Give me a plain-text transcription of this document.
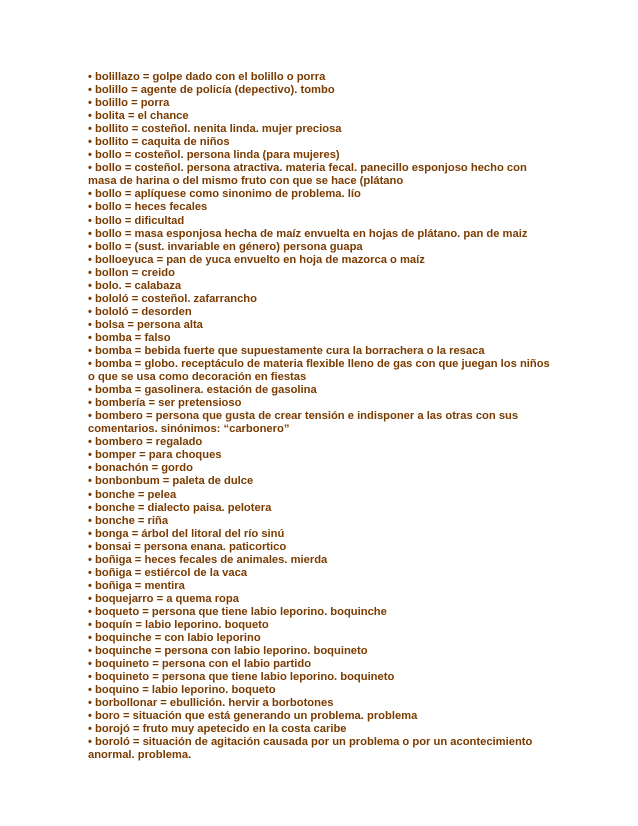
• bolillazo = golpe dado con el bolillo o porra
• bolillo = agente de policía (depectivo). tombo
• bolillo = porra
• bolita = el chance
• bollito = costeñol. nenita linda. mujer preciosa
• bollito = caquita de niños
• bollo = costeñol. persona linda (para mujeres)
• bollo = costeñol. persona atractiva. materia fecal. panecillo esponjoso hecho con masa de harina o del mismo fruto con que se hace (plátano
• bollo = aplíquese como sinonimo de problema. lío
• bollo = heces fecales
• bollo = dificultad
• bollo = masa esponjosa hecha de maíz envuelta en hojas de plátano. pan de maiz
• bollo = (sust. invariable en género) persona guapa
• bolloeyuca = pan de yuca envuelto en hoja de mazorca o maíz
• bollon = creido
• bolo. = calabaza
• bololó = costeñol. zafarrancho
• bololó = desorden
• bolsa = persona alta
• bomba = falso
• bomba = bebida fuerte que supuestamente cura la borrachera o la resaca
• bomba = globo. receptáculo de materia flexible lleno de gas con que juegan los niños o que se usa como decoración en fiestas
• bomba = gasolinera. estación de gasolina
• bombería = ser pretensioso
• bombero = persona que gusta de crear tensión e indisponer a las otras con sus comentarios. sinónimos: “carbonero”
• bombero = regalado
• bomper = para choques
• bonachón = gordo
• bonbonbum = paleta de dulce
• bonche = pelea
• bonche = dialecto paisa. pelotera
• bonche = riña
• bonga = árbol del litoral del río sinú
• bonsai = persona enana. paticortico
• boñiga = heces fecales de animales. mierda
• boñiga = estiércol de la vaca
• boñiga = mentira
• boquejarro = a quema ropa
• boqueto = persona que tiene labio leporino. boquinche
• boquín = labio leporino. boqueto
• boquinche = con labio leporino
• boquinche = persona con labio leporino. boquineto
• boquineto = persona con el labio partido
• boquineto = persona que tiene labio leporino. boquineto
• boquino = labio leporino. boqueto
• borbollonar = ebullición. hervir a borbotones
• boro = situación que está generando un problema. problema
• borojó = fruto muy apetecido en la costa caribe
• boroló = situación de agitación causada por un problema o por un acontecimiento anormal. problema.
